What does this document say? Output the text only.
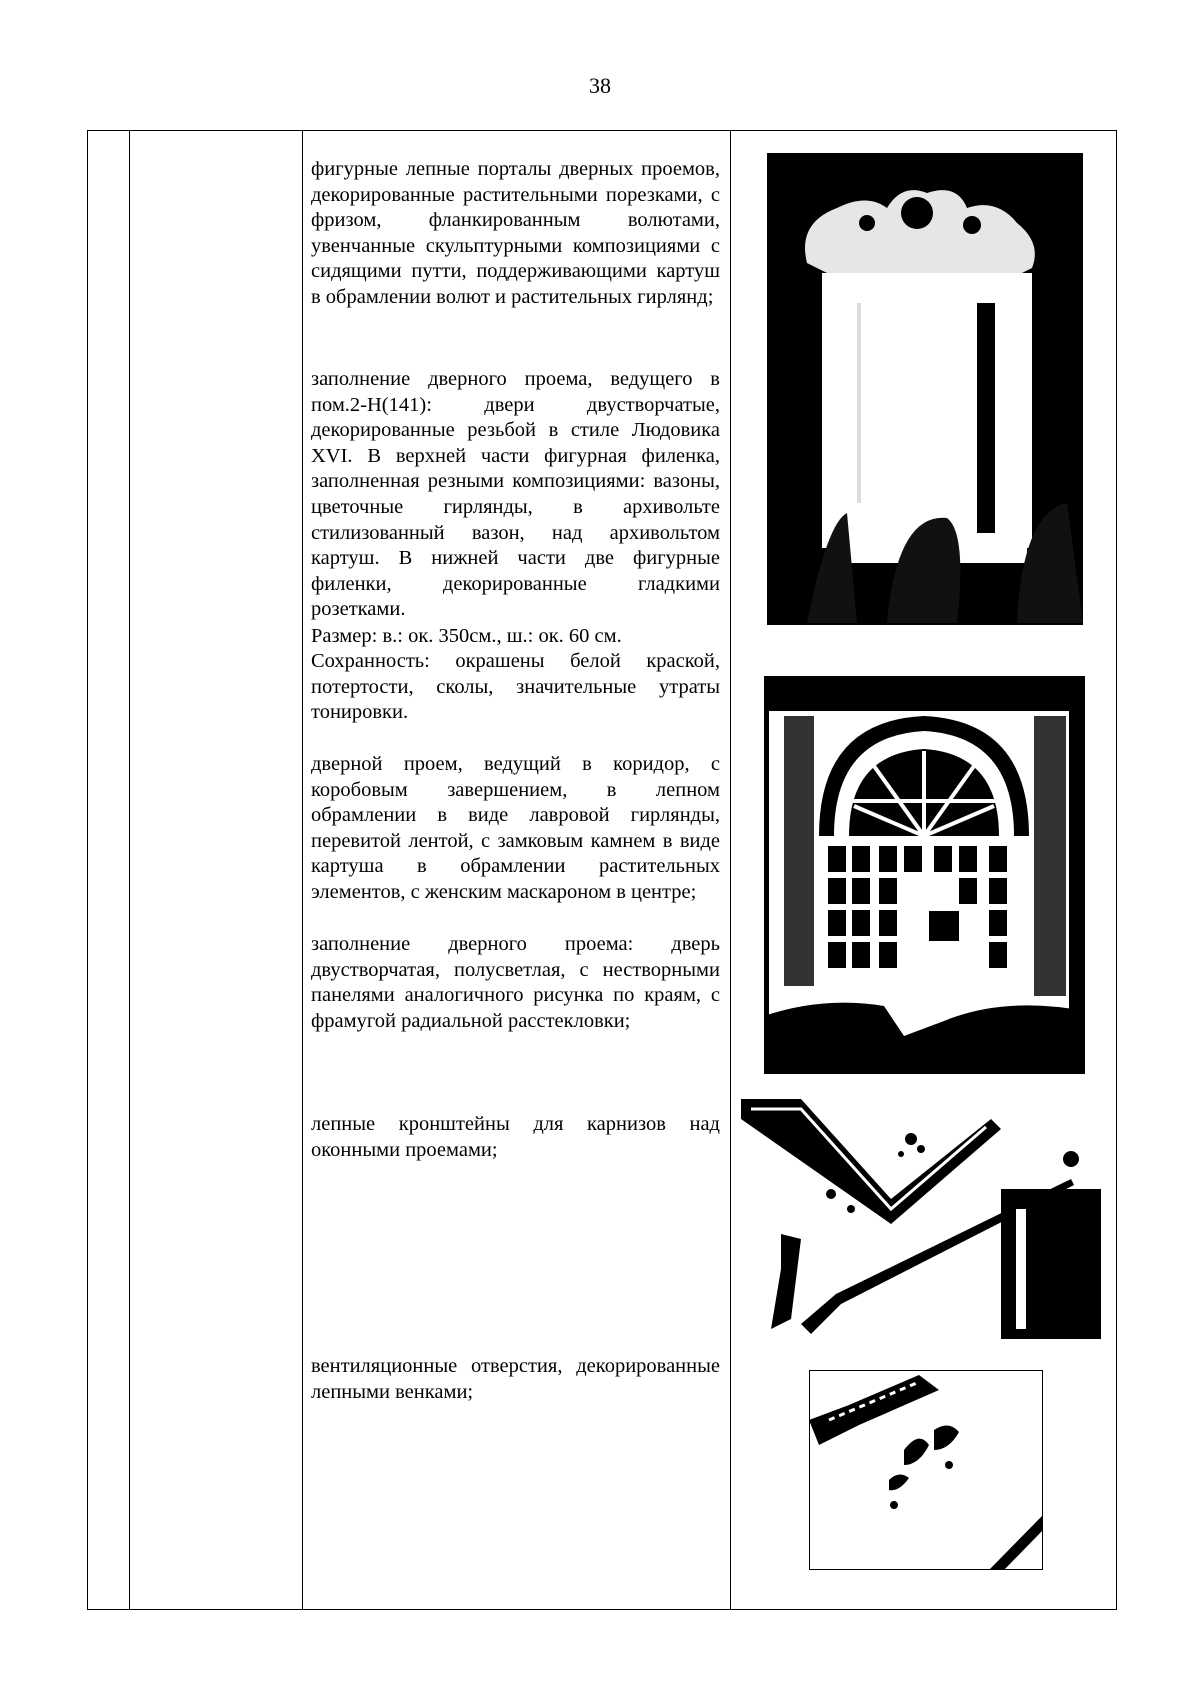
38
фигурные лепные порталы дверных проемов, декорированные растительными порезками, с фризом, фланкированным волютами, увенчанные скульптурными композициями с сидящими путти, поддерживающими картуш в обрамлении волют и растительных гирлянд;
заполнение дверного проема, ведущего в пом.2-Н(141): двери двустворчатые, декорированные резьбой в стиле Людовика XVI. В верхней части фигурная филенка, заполненная резными композициями: вазоны, цветочные гирлянды, в архивольте стилизованный вазон, над архивольтом картуш. В нижней части две фигурные филенки, декорированные гладкими розетками.
Размер: в.: ок. 350см., ш.: ок. 60 см.
Сохранность: окрашены белой краской, потертости, сколы, значительные утраты тонировки.
дверной проем, ведущий в коридор, с коробовым завершением, в лепном обрамлении в виде лавровой гирлянды, перевитой лентой, с замковым камнем в виде картуша в обрамлении растительных элементов, с женским маскароном в центре;
заполнение дверного проема: дверь двустворчатая, полусветлая, с нестворными панелями аналогичного рисунка по краям, с фрамугой радиальной расстекловки;
лепные кронштейны для карнизов над оконными проемами;
вентиляционные отверстия, декорированные лепными венками;
